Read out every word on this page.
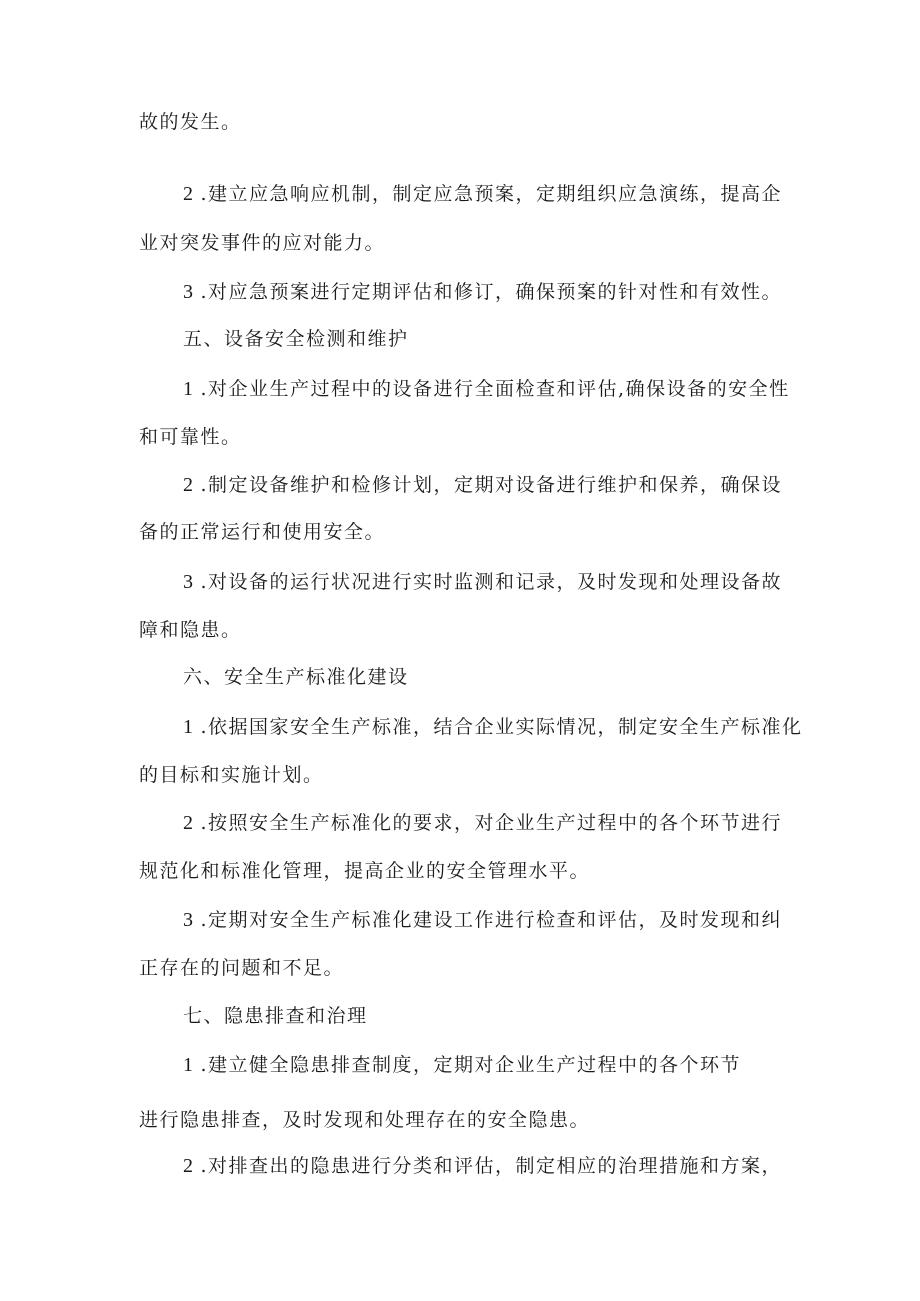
故的发生。
2 .建立应急响应机制，制定应急预案，定期组织应急演练，提高企
业对突发事件的应对能力。
3 .对应急预案进行定期评估和修订，确保预案的针对性和有效性。
五、设备安全检测和维护
1 .对企业生产过程中的设备进行全面检查和评估,确保设备的安全性
和可靠性。
2 .制定设备维护和检修计划，定期对设备进行维护和保养，确保设
备的正常运行和使用安全。
3 .对设备的运行状况进行实时监测和记录，及时发现和处理设备故
障和隐患。
六、安全生产标准化建设
1 .依据国家安全生产标准，结合企业实际情况，制定安全生产标准化
的目标和实施计划。
2 .按照安全生产标准化的要求，对企业生产过程中的各个环节进行
规范化和标准化管理，提高企业的安全管理水平。
3 .定期对安全生产标准化建设工作进行检查和评估，及时发现和纠
正存在的问题和不足。
七、隐患排查和治理
1 .建立健全隐患排查制度，定期对企业生产过程中的各个环节
进行隐患排查，及时发现和处理存在的安全隐患。
2 .对排查出的隐患进行分类和评估，制定相应的治理措施和方案，
